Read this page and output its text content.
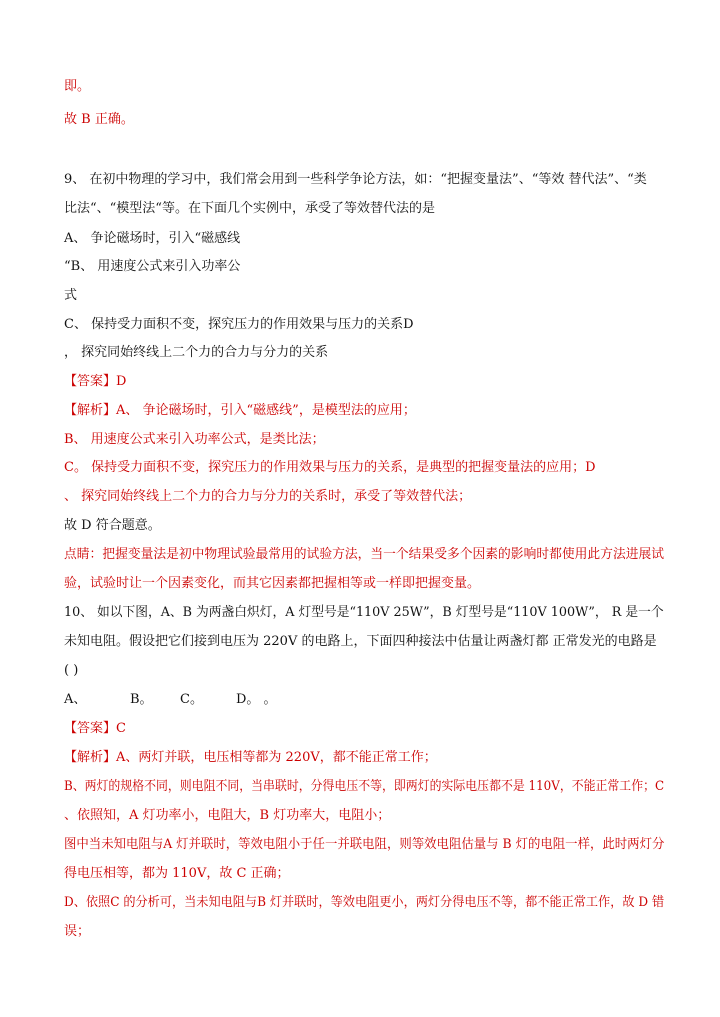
即。
故 B 正确。
9、 在初中物理的学习中，我们常会用到一些科学争论方法，如：“把握变量法”、“等效 替代法”、“类
比法“、“模型法“等。在下面几个实例中，承受了等效替代法的是
A、 争论磁场时，引入“磁感线
“B、 用速度公式来引入功率公
式
C、 保持受力面积不变，探究压力的作用效果与压力的关系D
， 探究同始终线上二个力的合力与分力的关系
【答案】D
【解析】A、 争论磁场时，引入“磁感线”，是模型法的应用；
B、 用速度公式来引入功率公式，是类比法；
C。 保持受力面积不变，探究压力的作用效果与压力的关系，是典型的把握变量法的应用；D
、 探究同始终线上二个力的合力与分力的关系时，承受了等效替代法；
故 D 符合题意。
点睛：把握变量法是初中物理试验最常用的试验方法，当一个结果受多个因素的影响时都使用此方法进展试
验，试验时让一个因素变化，而其它因素都把握相等或一样即把握变量。
10、 如以下图，A、B 为两盏白炽灯，A 灯型号是“110V 25W”，B 灯型号是“110V 100W”， R 是一个
未知电阻。假设把它们接到电压为 220V 的电路上，下面四种接法中估量让两盏灯都 正常发光的电路是
( )
A、	B。 C。	D。 。
【答案】C
【解析】A、两灯并联，电压相等都为 220V，都不能正常工作；
B、两灯的规格不同，则电阻不同，当串联时，分得电压不等，即两灯的实际电压都不是 110V，不能正常工作；C
、依照知，A 灯功率小，电阻大，B 灯功率大，电阻小；
图中当未知电阻与A 灯并联时，等效电阻小于任一并联电阻，则等效电阻估量与 B 灯的电阻一样，此时两灯分
得电压相等，都为 110V，故 C 正确；
D、依照C 的分析可，当未知电阻与B 灯并联时，等效电阻更小，两灯分得电压不等，都不能正常工作，故 D 错
误；
